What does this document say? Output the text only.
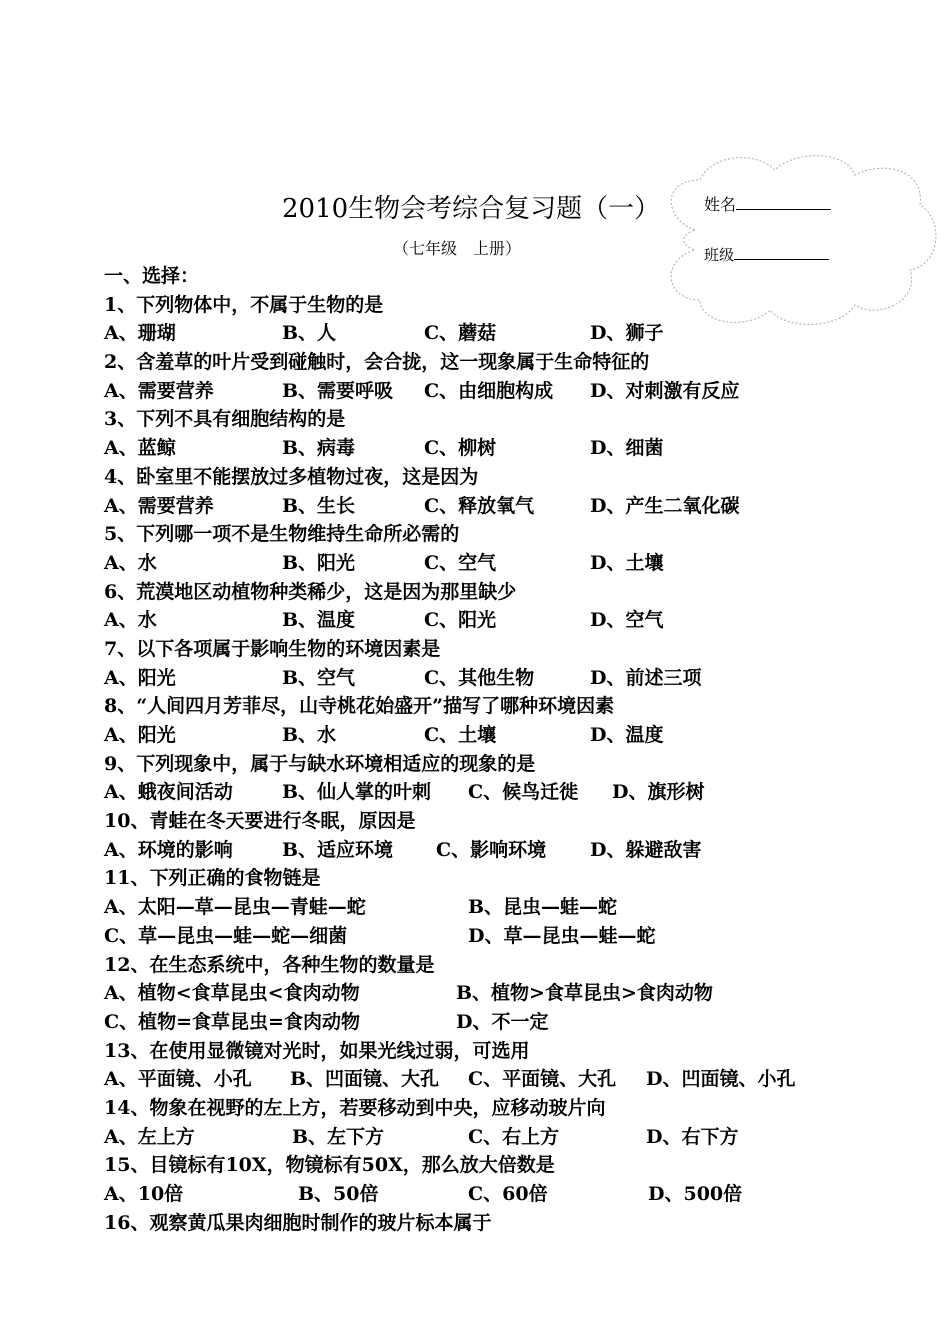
2010生物会考综合复习题（一）
（七年级　上册）
姓名
班级
一、选择：
1、下列物体中，不属于生物的是
A、珊瑚	B、人	C、蘑菇	D、狮子
2、含羞草的叶片受到碰触时，会合拢，这一现象属于生命特征的
A、需要营养	B、需要呼吸 C、由细胞构成 D、对刺激有反应
3、下列不具有细胞结构的是
A、蓝鲸	B、病毒	C、柳树	D、细菌
4、卧室里不能摆放过多植物过夜，这是因为
A、需要营养	B、生长	C、释放氧气	D、产生二氧化碳
5、下列哪一项不是生物维持生命所必需的
A、水	B、阳光	C、空气	D、土壤
6、荒漠地区动植物种类稀少，这是因为那里缺少
A、水	B、温度	C、阳光	D、空气
7、以下各项属于影响生物的环境因素是
A、阳光	B、空气	C、其他生物	D、前述三项
8、“人间四月芳菲尽，山寺桃花始盛开”描写了哪种环境因素
A、阳光	B、水	C、土壤	D、温度
9、下列现象中，属于与缺水环境相适应的现象的是
A、蛾夜间活动	B、仙人掌的叶刺 C、候鸟迁徙 D、旗形树
10、青蛙在冬天要进行冬眠，原因是
A、环境的影响	B、适应环境 C、影响环境 D、躲避敌害
11、下列正确的食物链是
A、太阳—草—昆虫—青蛙—蛇	B、昆虫—蛙—蛇
C、草—昆虫—蛙—蛇—细菌	D、草—昆虫—蛙—蛇
12、在生态系统中，各种生物的数量是
A、植物<食草昆虫<食肉动物	B、植物>食草昆虫>食肉动物
C、植物=食草昆虫=食肉动物	D、不一定
13、在使用显微镜对光时，如果光线过弱，可选用
A、平面镜、小孔 B、凹面镜、大孔 C、平面镜、大孔 D、凹面镜、小孔
14、物象在视野的左上方，若要移动到中央，应移动玻片向
A、左上方	B、左下方	C、右上方	D、右下方
15、目镜标有10X，物镜标有50X，那么放大倍数是
A、10倍	B、50倍	C、60倍	D、500倍
16、观察黄瓜果肉细胞时制作的玻片标本属于
